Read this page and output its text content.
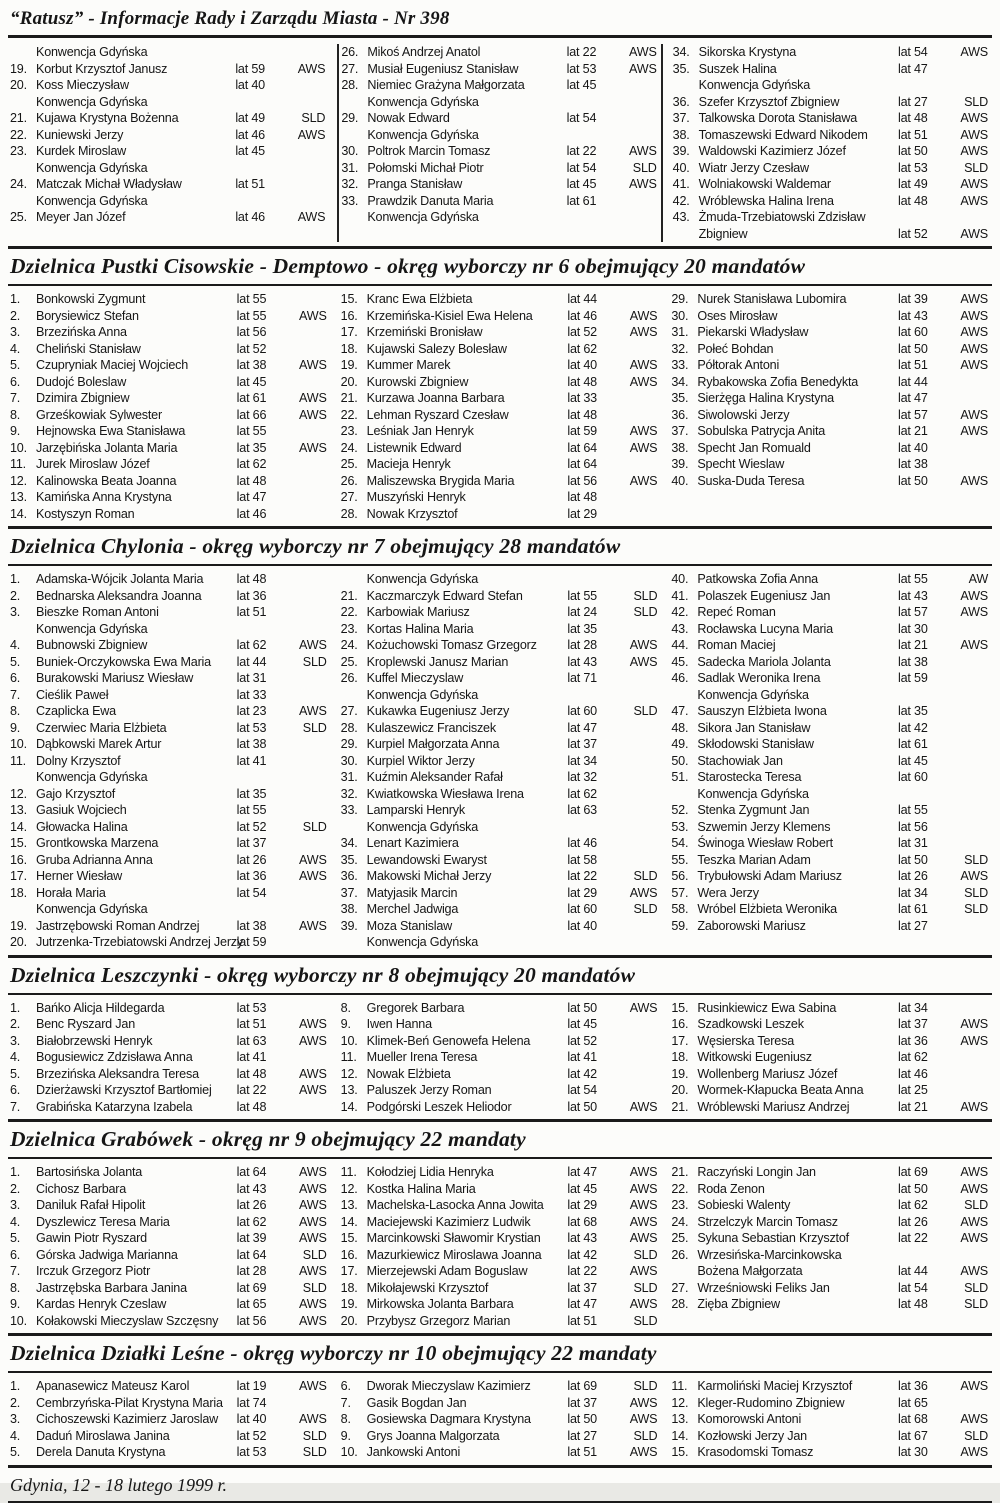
“Ratusz” - Informacje Rady i Zarządu Miasta - Nr 398
Konwencja Gdyńska
19. Korbut Krzysztof Janusz	lat 59	AWS
20. Koss Mieczysław	lat 40
Konwencja Gdyńska
21. Kujawa Krystyna Bożenna	lat 49	SLD
22. Kuniewski Jerzy	lat 46	AWS
23. Kurdek Miroslaw	lat 45
Konwencja Gdyńska
24. Matczak Michał Władysław	lat 51
Konwencja Gdyńska
25. Meyer Jan Józef	lat 46	AWS
26. Mikoś Andrzej Anatol	lat 22	AWS
27. Musiał Eugeniusz Stanisław	lat 53	AWS
28. Niemiec Grażyna Małgorzata	lat 45
Konwencja Gdyńska
29. Nowak Edward	lat 54
Konwencja Gdyńska
30. Poltrok Marcin Tomasz	lat 22	AWS
31. Połomski Michał Piotr	lat 54	SLD
32. Pranga Stanisław	lat 45	AWS
33. Prawdzik Danuta Maria	lat 61
Konwencja Gdyńska
34. Sikorska Krystyna	lat 54	AWS
35. Suszek Halina	lat 47
Konwencja Gdyńska
36. Szefer Krzysztof Zbigniew	lat 27	SLD
37. Talkowska Dorota Stanisława	lat 48	AWS
38. Tomaszewski Edward Nikodem	lat 51	AWS
39. Waldowski Kazimierz Józef	lat 50	AWS
40. Wiatr Jerzy Czesław	lat 53	SLD
41. Wolniakowski Waldemar	lat 49	AWS
42. Wróblewska Halina Irena	lat 48	AWS
43. Żmuda-Trzebiatowski Zdzisław
Zbigniew	lat 52	AWS
Dzielnica Pustki Cisowskie - Demptowo - okręg wyborczy nr 6 obejmujący 20 mandatów
1.	Bonkowski Zygmunt	lat 55
2.	Borysiewicz Stefan	lat 55	AWS
3.	Brzezińska Anna	lat 56
4.	Cheliński Stanisław	lat 52
5.	Czupryniak Maciej Wojciech	lat 38	AWS
6.	Dudojć Boleslaw	lat 45
7.	Dzimira Zbigniew	lat 61	AWS
8.	Grześkowiak Sylwester	lat 66	AWS
9.	Hejnowska Ewa Stanisława	lat 55
10. Jarzębińska Jolanta Maria	lat 35	AWS
11. Jurek Miroslaw Józef	lat 62
12. Kalinowska Beata Joanna	lat 48
13. Kamińska Anna Krystyna	lat 47
14. Kostyszyn Roman	lat 46
15. Kranc Ewa Elżbieta	lat 44
16. Krzemińska-Kisiel Ewa Helena	lat 46	AWS
17. Krzemiński Bronisław	lat 52	AWS
18. Kujawski Salezy Bolesław	lat 62
19. Kummer Marek	lat 40	AWS
20. Kurowski Zbigniew	lat 48	AWS
21. Kurzawa Joanna Barbara	lat 33
22. Lehman Ryszard Czesław	lat 48
23. Leśniak Jan Henryk	lat 59	AWS
24. Listewnik Edward	lat 64	AWS
25. Macieja Henryk	lat 64
26. Maliszewska Brygida Maria	lat 56	AWS
27. Muszyński Henryk	lat 48
28. Nowak Krzysztof	lat 29
29. Nurek Stanisława Lubomira	lat 39	AWS
30. Oses Mirosław	lat 43	AWS
31. Piekarski Władysław	lat 60	AWS
32. Połeć Bohdan	lat 50	AWS
33. Półtorak Antoni	lat 51	AWS
34. Rybakowska Zofia Benedykta	lat 44
35. Sierżęga Halina Krystyna	lat 47
36. Siwolowski Jerzy	lat 57	AWS
37. Sobulska Patrycja Anita	lat 21	AWS
38. Specht Jan Romuald	lat 40
39. Specht Wieslaw	lat 38
40. Suska-Duda Teresa	lat 50	AWS
Dzielnica Chylonia - okręg wyborczy nr 7 obejmujący 28 mandatów
1.	Adamska-Wójcik Jolanta Maria	lat 48
2.	Bednarska Aleksandra Joanna	lat 36
3.	Bieszke Roman Antoni	lat 51
Konwencja Gdyńska
4.	Bubnowski Zbigniew	lat 62	AWS
5.	Buniek-Orczykowska Ewa Maria	lat 44	SLD
6.	Burakowski Mariusz Wiesław	lat 31
7.	Cieślik Paweł	lat 33
8.	Czaplicka Ewa	lat 23	AWS
9.	Czerwiec Maria Elżbieta	lat 53	SLD
10. Dąbkowski Marek Artur	lat 38
11. Dolny Krzysztof	lat 41
Konwencja Gdyńska
12. Gajo Krzysztof	lat 35
13. Gasiuk Wojciech	lat 55
14. Głowacka Halina	lat 52	SLD
15. Grontkowska Marzena	lat 37
16. Gruba Adrianna Anna	lat 26	AWS
17. Herner Wiesław	lat 36	AWS
18. Horała Maria	lat 54
Konwencja Gdyńska
19. Jastrzębowski Roman Andrzej	lat 38	AWS
20. Jutrzenka-Trzebiatowski Andrzej Jerzy
lat 59
Konwencja Gdyńska
21. Kaczmarczyk Edward Stefan	lat 55	SLD
22. Karbowiak Mariusz	lat 24	SLD
23. Kortas Halina Maria	lat 35
24. Kożuchowski Tomasz Grzegorz	lat 28	AWS
25. Kroplewski Janusz Marian	lat 43	AWS
26. Kuffel Mieczyslaw	lat 71
Konwencja Gdyńska
27. Kukawka Eugeniusz Jerzy	lat 60	SLD
28. Kulaszewicz Franciszek	lat 47
29. Kurpiel Małgorzata Anna	lat 37
30. Kurpiel Wiktor Jerzy	lat 34
31. Kuźmin Aleksander Rafał	lat 32
32. Kwiatkowska Wiesława Irena	lat 62
33. Lamparski Henryk	lat 63
Konwencja Gdyńska
34. Lenart Kazimiera	lat 46
35. Lewandowski Ewaryst	lat 58
36. Makowski Michał Jerzy	lat 22	SLD
37. Matyjasik Marcin	lat 29	AWS
38. Merchel Jadwiga	lat 60	SLD
39. Moza Stanislaw	lat 40
Konwencja Gdyńska
40. Patkowska Zofia Anna	lat 55	AW
41. Polaszek Eugeniusz Jan	lat 43	AWS
42. Repeć Roman	lat 57	AWS
43. Rocławska Lucyna Maria	lat 30
44. Roman Maciej	lat 21	AWS
45. Sadecka Mariola Jolanta	lat 38
46. Sadlak Weronika Irena	lat 59
Konwencja Gdyńska
47. Sauszyn Elżbieta Iwona	lat 35
48. Sikora Jan Stanisław	lat 42
49. Skłodowski Stanisław	lat 61
50. Stachowiak Jan	lat 45
51. Starostecka Teresa	lat 60
Konwencja Gdyńska
52. Stenka Zygmunt Jan	lat 55
53. Szwemin Jerzy Klemens	lat 56
54. Świnoga Wiesław Robert	lat 31
55. Teszka Marian Adam	lat 50	SLD
56. Trybułowski Adam Mariusz	lat 26	AWS
57. Wera Jerzy	lat 34	SLD
58. Wróbel Elżbieta Weronika	lat 61	SLD
59. Zaborowski Mariusz	lat 27
Dzielnica Leszczynki - okręg wyborczy nr 8 obejmujący 20 mandatów
1.	Bańko Alicja Hildegarda	lat 53
2.	Benc Ryszard Jan	lat 51	AWS
3.	Białobrzewski Henryk	lat 63	AWS
4.	Bogusiewicz Zdzisława Anna	lat 41
5.	Brzezińska Aleksandra Teresa	lat 48	AWS
6.	Dzierżawski Krzysztof Bartłomiej	lat 22	AWS
7.	Grabińska Katarzyna Izabela	lat 48
8.	Gregorek Barbara	lat 50	AWS
9.	Iwen Hanna	lat 45
10. Klimek-Beń Genowefa Helena	lat 52
11. Mueller Irena Teresa	lat 41
12. Nowak Elżbieta	lat 42
13. Paluszek Jerzy Roman	lat 54
14. Podgórski Leszek Heliodor	lat 50	AWS
15. Rusinkiewicz Ewa Sabina	lat 34
16. Szadkowski Leszek	lat 37	AWS
17. Węsierska Teresa	lat 36	AWS
18. Witkowski Eugeniusz	lat 62
19. Wollenberg Mariusz Józef	lat 46
20. Wormek-Kłapucka Beata Anna	lat 25
21. Wróblewski Mariusz Andrzej	lat 21	AWS
Dzielnica Grabówek - okręg nr 9 obejmujący 22 mandaty
1.	Bartosińska Jolanta	lat 64	AWS
2.	Cichosz Barbara	lat 43	AWS
3.	Daniluk Rafał Hipolit	lat 26	AWS
4.	Dyszlewicz Teresa Maria	lat 62	AWS
5.	Gawin Piotr Ryszard	lat 39	AWS
6.	Górska Jadwiga Marianna	lat 64	SLD
7.	Irczuk Grzegorz Piotr	lat 28	AWS
8.	Jastrzębska Barbara Janina	lat 69	SLD
9.	Kardas Henryk Czeslaw	lat 65	AWS
10. Kołakowski Mieczyslaw Szczęsny	lat 56	AWS
11. Kołodziej Lidia Henryka	lat 47	AWS
12. Kostka Halina Maria	lat 45	AWS
13. Machelska-Lasocka Anna Jowita	lat 29	AWS
14. Maciejewski Kazimierz Ludwik	lat 68	AWS
15. Marcinkowski Sławomir Krystian	lat 43	AWS
16. Mazurkiewicz Miroslawa Joanna	lat 42	SLD
17. Mierzejewski Adam Boguslaw	lat 22	AWS
18. Mikołajewski Krzysztof	lat 37	SLD
19. Mirkowska Jolanta Barbara	lat 47	AWS
20. Przybysz Grzegorz Marian	lat 51	SLD
21. Raczyński Longin Jan	lat 69	AWS
22. Roda Zenon	lat 50	AWS
23. Sobieski Walenty	lat 62	SLD
24. Strzelczyk Marcin Tomasz	lat 26	AWS
25. Sykuna Sebastian Krzysztof	lat 22	AWS
26. Wrzesińska-Marcinkowska
Bożena Małgorzata	lat 44	AWS
27. Wrześniowski Feliks Jan	lat 54	SLD
28. Zięba Zbigniew	lat 48	SLD
Dzielnica Działki Leśne - okręg wyborczy nr 10 obejmujący 22 mandaty
1.	Apanasewicz Mateusz Karol	lat 19	AWS
2.	Cembrzyńska-Pilat Krystyna Maria	lat 74
3.	Cichoszewski Kazimierz Jaroslaw	lat 40	AWS
4.	Daduń Miroslawa Janina	lat 52	SLD
5.	Derela Danuta Krystyna	lat 53	SLD
6.	Dworak Mieczyslaw Kazimierz	lat 69	SLD
7.	Gasik Bogdan Jan	lat 37	AWS
8.	Gosiewska Dagmara Krystyna	lat 50	AWS
9.	Grys Joanna Malgorzata	lat 27	SLD
10. Jankowski Antoni	lat 51	AWS
11. Karmoliński Maciej Krzysztof	lat 36	AWS
12. Kleger-Rudomino Zbigniew	lat 65
13. Komorowski Antoni	lat 68	AWS
14. Kozłowski Jerzy Jan	lat 67	SLD
15. Krasodomski Tomasz	lat 30	AWS
Gdynia, 12 - 18 lutego 1999 r.
